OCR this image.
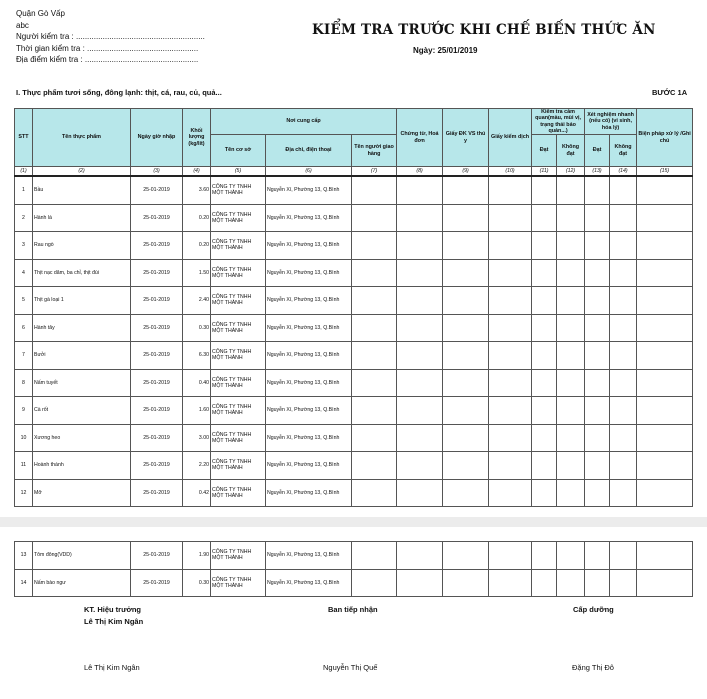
Quận Gò Vấp
abc
Người kiểm tra : ..........................................................
Thời gian kiểm tra : ..................................................
Địa điểm kiểm tra : ...................................................
KIỂM TRA TRƯỚC KHI CHẾ BIẾN THỨC ĂN
Ngày: 25/01/2019
I. Thực phẩm tươi sống, đông lạnh: thịt, cá, rau, củ, quả...	BƯỚC 1A
STT	Tên thực phẩm	Ngày giờ nhập	Khối lượng (kg/lít)	Nơi cung cấp			Chứng từ, Hoá đơn	Giấy ĐK VS thú y	Giấy kiểm dịch	Kiểm tra cảm quan(màu, mùi vị, trạng thái bảo quản...)		Xét nghiệm nhanh (nếu có) (vi sinh, hóa lý)		Biện pháp xử lý /Ghi chú
				Tên cơ sở	Địa chỉ, điện thoại	Tên người giao hàng				Đạt	Không đạt	Đạt	Không đạt	
(1)	(2)	(3)	(4)	(5)	(6)	(7)	(8)	(9)	(10)	(11)	(12)	(13)	(14)	(15)
1	Bầu	25-01-2019	3.60	CÔNG TY TNHH MỘT THÀNH	Nguyễn Xí, Phường 13, Q.Bình									
2	Hành lá	25-01-2019	0.20	CÔNG TY TNHH MỘT THÀNH	Nguyễn Xí, Phường 13, Q.Bình									
3	Rau ngò	25-01-2019	0.20	CÔNG TY TNHH MỘT THÀNH	Nguyễn Xí, Phường 13, Q.Bình									
4	Thịt nạc dăm, ba chỉ, thịt đùi	25-01-2019	1.50	CÔNG TY TNHH MỘT THÀNH	Nguyễn Xí, Phường 13, Q.Bình									
5	Thịt gà loại 1	25-01-2019	2.40	CÔNG TY TNHH MỘT THÀNH	Nguyễn Xí, Phường 13, Q.Bình									
6	Hành tây	25-01-2019	0.30	CÔNG TY TNHH MỘT THÀNH	Nguyễn Xí, Phường 13, Q.Bình									
7	Bưởi	25-01-2019	6.30	CÔNG TY TNHH MỘT THÀNH	Nguyễn Xí, Phường 13, Q.Bình									
8	Nấm tuyết	25-01-2019	0.40	CÔNG TY TNHH MỘT THÀNH	Nguyễn Xí, Phường 13, Q.Bình									
9	Cà rốt	25-01-2019	1.60	CÔNG TY TNHH MỘT THÀNH	Nguyễn Xí, Phường 13, Q.Bình									
10	Xương heo	25-01-2019	3.00	CÔNG TY TNHH MỘT THÀNH	Nguyễn Xí, Phường 13, Q.Bình									
11	Hoành thánh	25-01-2019	2.20	CÔNG TY TNHH MỘT THÀNH	Nguyễn Xí, Phường 13, Q.Bình									
12	Mỡ	25-01-2019	0.42	CÔNG TY TNHH MỘT THÀNH	Nguyễn Xí, Phường 13, Q.Bình									
13	Tôm đông(VDD)	25-01-2019	1.90	CÔNG TY TNHH MỘT THÀNH	Nguyễn Xí, Phường 13, Q.Bình									
14	Nấm bào ngư	25-01-2019	0.30	CÔNG TY TNHH MỘT THÀNH	Nguyễn Xí, Phường 13, Q.Bình									
KT. Hiệu trưởng
Lê Thị Kim Ngân
Ban tiếp nhận	Cấp dưỡng
Lê Thị Kim Ngân	Nguyễn Thị Quế	Đặng Thị Đô
